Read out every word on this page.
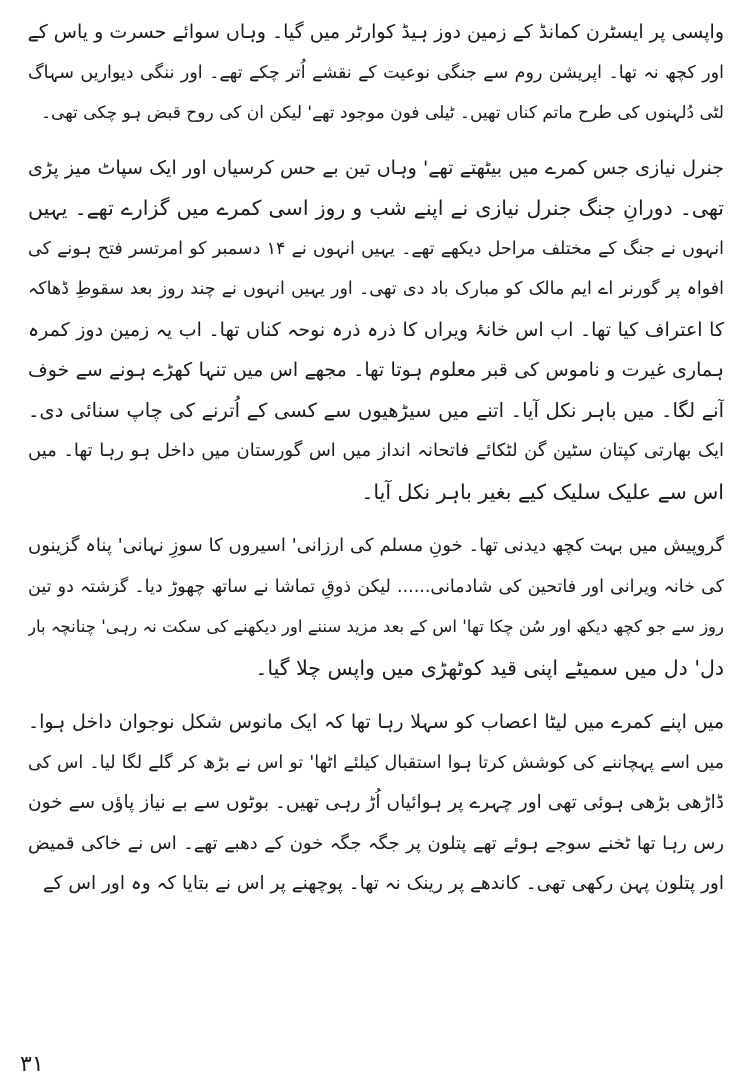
واپسی پر ایسٹرن کمانڈ کے زمین دوز ہیڈ کوارٹر میں گیا۔ وہاں سوائے حسرت و یاس کے
اور کچھ نہ تھا۔ اپریشن روم سے جنگی نوعیت کے نقشے اُتر چکے تھے۔ اور ننگی دیواریں سہاگ
لٹی دُلہنوں کی طرح ماتم کناں تھیں۔ ٹیلی فون موجود تھے' لیکن ان کی روح قبض ہو چکی تھی۔
جنرل نیازی جس کمرے میں بیٹھتے تھے' وہاں تین بے حس کرسیاں اور ایک سپاٹ میز پڑی
تھی۔ دورانِ جنگ جنرل نیازی نے اپنے شب و روز اسی کمرے میں گزارے تھے۔ یہیں
انہوں نے جنگ کے مختلف مراحل دیکھے تھے۔ یہیں انہوں نے ۱۴ دسمبر کو امرتسر فتح ہونے کی
افواہ پر گورنر اے ایم مالک کو مبارک باد دی تھی۔ اور یہیں انہوں نے چند روز بعد سقوطِ ڈھاکہ
کا اعتراف کیا تھا۔ اب اس خانۂ ویراں کا ذرہ ذرہ نوحہ کناں تھا۔ اب یہ زمین دوز کمرہ
ہماری غیرت و ناموس کی قبر معلوم ہوتا تھا۔ مجھے اس میں تنہا کھڑے ہونے سے خوف
آنے لگا۔ میں باہر نکل آیا۔ اتنے میں سیڑھیوں سے کسی کے اُترنے کی چاپ سنائی دی۔
ایک بھارتی کپتان سٹین گن لٹکائے فاتحانہ انداز میں اس گورستان میں داخل ہو رہا تھا۔ میں
اس سے علیک سلیک کیے بغیر باہر نکل آیا۔
گروپیش میں بہت کچھ دیدنی تھا۔ خونِ مسلم کی ارزانی' اسیروں کا سوزِ نہانی' پناہ گزینوں
کی خانہ ویرانی اور فاتحین کی شادمانی...... لیکن ذوقِ تماشا نے ساتھ چھوڑ دیا۔ گزشتہ دو تین
روز سے جو کچھ دیکھ اور سُن چکا تھا' اس کے بعد مزید سننے اور دیکھنے کی سکت نہ رہی' چنانچہ بار
دل' دل میں سمیٹے اپنی قید کوٹھڑی میں واپس چلا گیا۔
میں اپنے کمرے میں لیٹا اعصاب کو سہلا رہا تھا کہ ایک مانوس شکل نوجوان داخل ہوا۔
میں اسے پہچاننے کی کوشش کرتا ہوا استقبال کیلئے اٹھا' تو اس نے بڑھ کر گلے لگا لیا۔ اس کی
ڈاڑھی بڑھی ہوئی تھی اور چہرے پر ہوائیاں اُڑ رہی تھیں۔ بوٹوں سے بے نیاز پاؤں سے خون
رس رہا تھا ٹخنے سوجے ہوئے تھے پتلون پر جگہ جگہ خون کے دھبے تھے۔ اس نے خاکی قمیض
اور پتلون پہن رکھی تھی۔ کاندھے پر رینک نہ تھا۔ پوچھنے پر اس نے بتایا کہ وہ اور اس کے
۳۱
